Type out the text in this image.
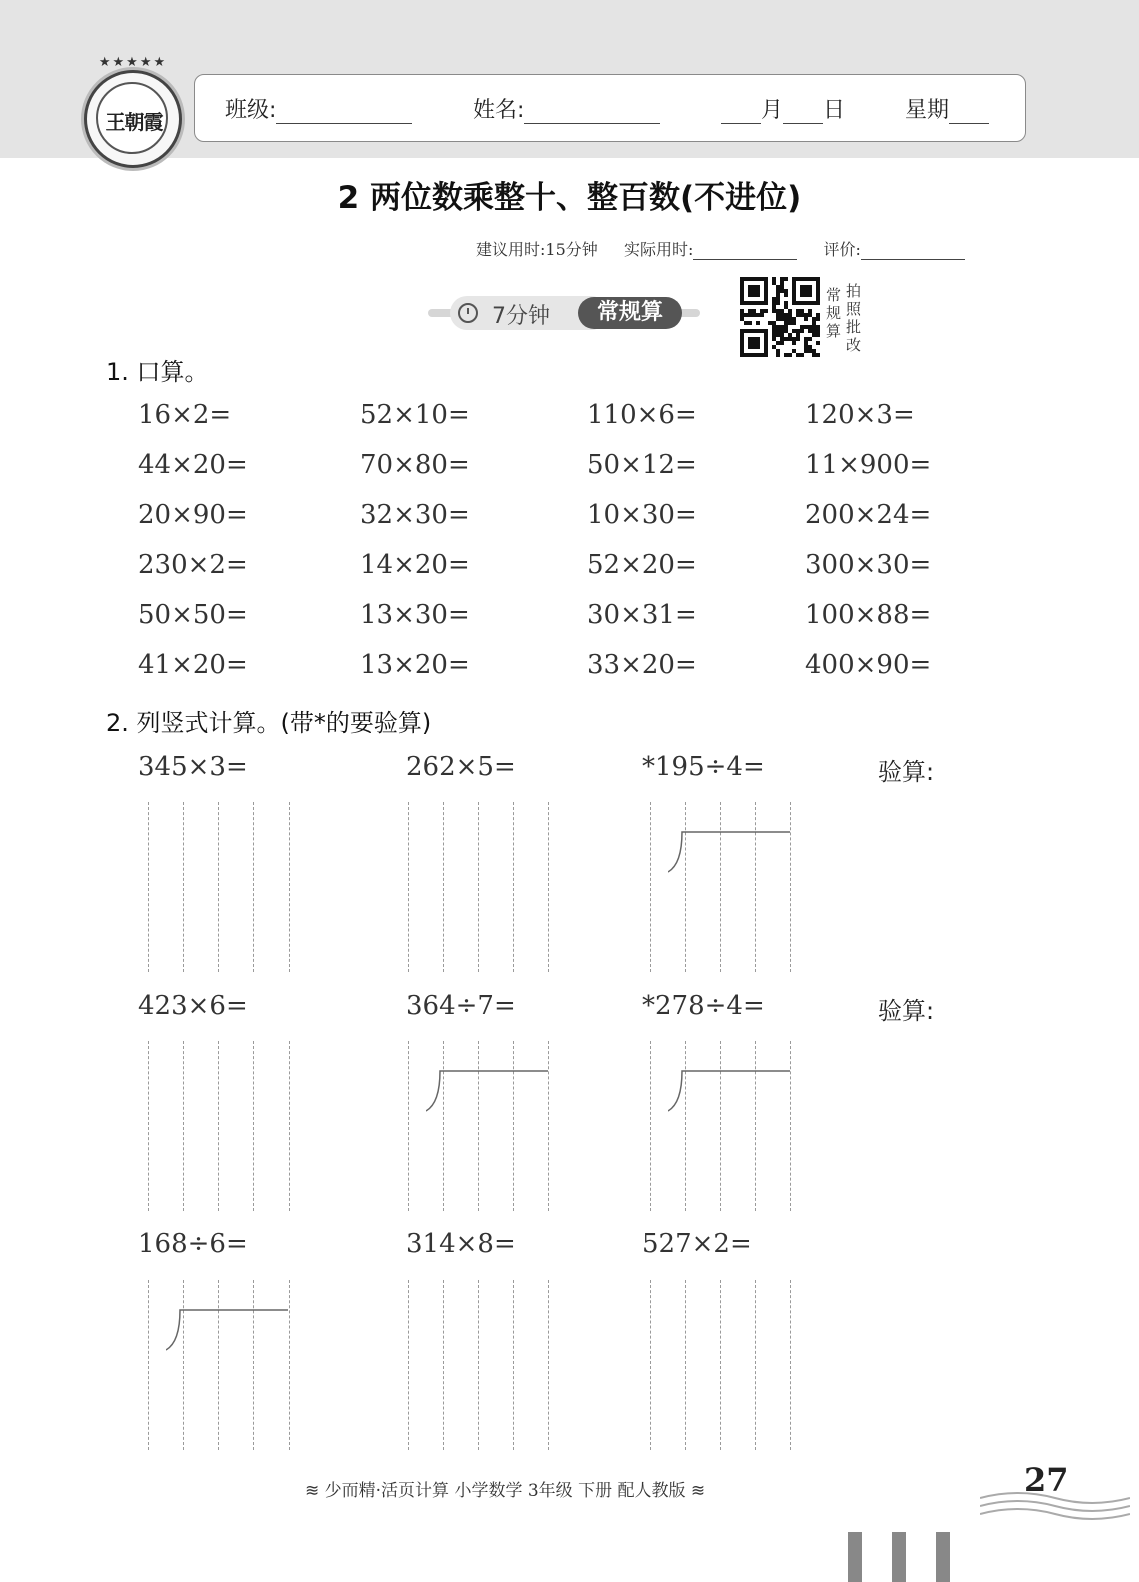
★★★★★
王朝霞	班级:	姓名:	月 日	星期
2 两位数乘整十、整百数(不进位)
建议用时:15分钟 实际用时:	评价:
7分钟	常规算
拍照批改
常规算
1. 口算。
16×2=	52×10=	110×6=	120×3=
44×20=	70×80=	50×12=	11×900=
20×90=	32×30=	10×30=	200×24=
230×2=	14×20=	52×20=	300×30=
50×50=	13×30=	30×31=	100×88=
41×20=	13×20=	33×20=	400×90=
2. 列竖式计算。(带*的要验算)
345×3=	262×5=	*195÷4=
423×6=	364÷7=	*278÷4=
168÷6=	314×8=	527×2=
验算:
验算:
≋ 少而精·活页计算 小学数学 3年级 下册 配人教版 ≋	27
